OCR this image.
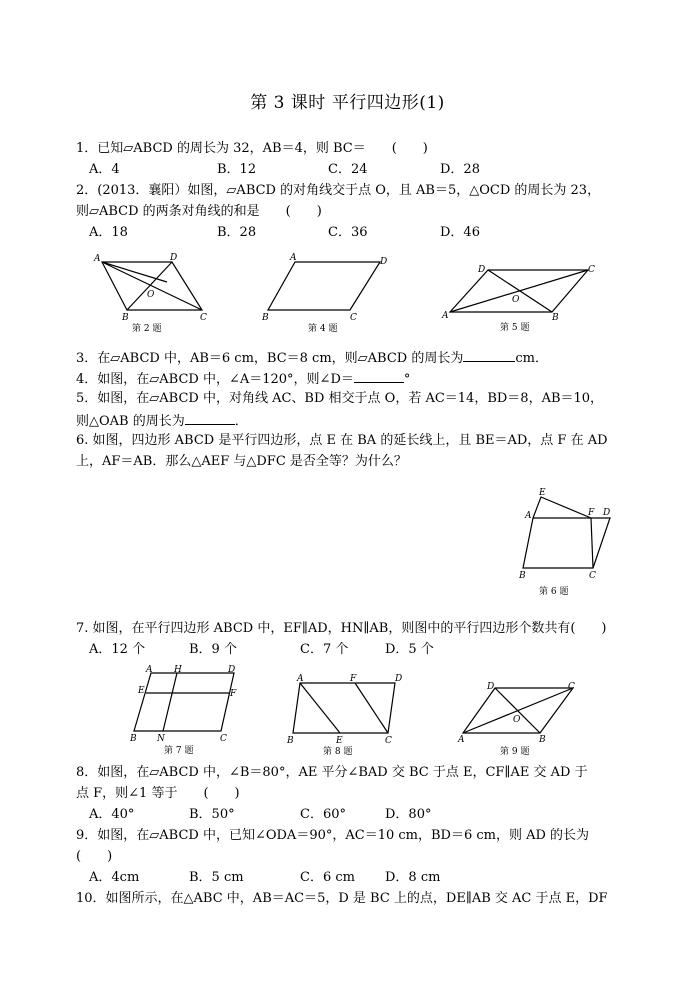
第 3 课时 平行四边形(1)
1．已知▱ABCD 的周长为 32，AB＝4，则 BC＝　　(　　)
A．4	B．12	C．24	D．28
2．(2013．襄阳）如图，▱ABCD 的对角线交于点 O，且 AB＝5，△OCD 的周长为 23，
则▱ABCD 的两条对角线的和是　　(　　)
A．18	B．28	C．36	D．46
A	D
O
B	C
第 2 题
A	D
B	C
第 4 题
D	C
O
A	B
第 5 题
3．在▱ABCD 中，AB＝6 cm，BC＝8 cm，则▱ABCD 的周长为	cm．
4．如图，在▱ABCD 中，∠A＝120°，则∠D＝	°
5．如图，在▱ABCD 中，对角线 AC、BD 相交于点 O，若 AC＝14，BD＝8，AB＝10，
则△OAB 的周长为	．
6. 如图，四边形 ABCD 是平行四边形，点 E 在 BA 的延长线上，且 BE＝AD，点 F 在 AD
上，AF＝AB．那么△AEF 与△DFC 是否全等？为什么？
E
A	F D
B	C
第 6 题
7. 如图，在平行四边形 ABCD 中，EF∥AD，HN∥AB，则图中的平行四边形个数共有(　　)
A．12 个	B．9 个	C．7 个	D．5 个
A H	D
E	F
B N	C
第 7 题
A	F	D
B	E	C
第 8 题
D	C
O
A	B
第 9 题
8．如图，在▱ABCD 中，∠B＝80°，AE 平分∠BAD 交 BC 于点 E，CF∥AE 交 AD 于
点 F，则∠1 等于　　(　　)
A．40°	B．50°	C．60°	D．80°
9．如图，在▱ABCD 中，已知∠ODA＝90°，AC＝10 cm，BD＝6 cm，则 AD 的长为
(　　)
A．4cm	B．5 cm	C．6 cm D．8 cm
10．如图所示，在△ABC 中，AB＝AC＝5，D 是 BC 上的点，DE∥AB 交 AC 于点 E，DF
